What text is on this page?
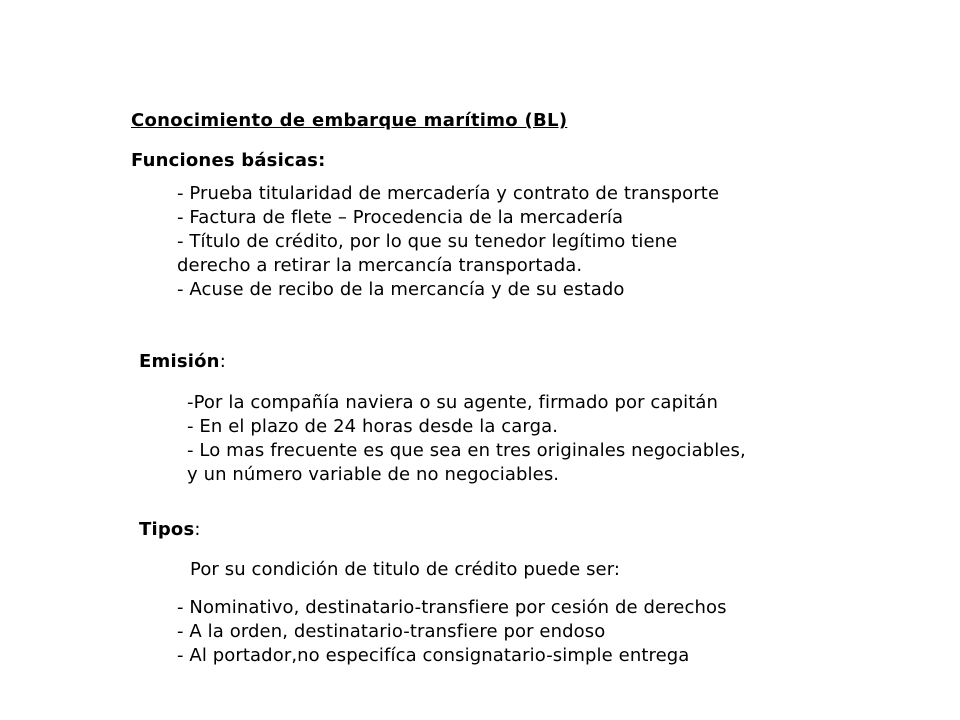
Conocimiento de embarque marítimo (BL)
Funciones básicas:
- Prueba titularidad de mercadería y contrato de transporte
- Factura de flete – Procedencia de la mercadería
- Título de crédito, por lo que su tenedor legítimo tiene
derecho a retirar la mercancía transportada.
- Acuse de recibo de la mercancía y de su estado
Emisión:
-Por la compañía naviera o su agente, firmado por capitán
- En el plazo de 24 horas desde la carga.
- Lo mas frecuente es que sea en tres originales negociables,
y un número variable de no negociables.
Tipos:
Por su condición de titulo de crédito puede ser:
- Nominativo, destinatario-transfiere por cesión de derechos
- A la orden, destinatario-transfiere por endoso
- Al portador,no especifíca consignatario-simple entrega
